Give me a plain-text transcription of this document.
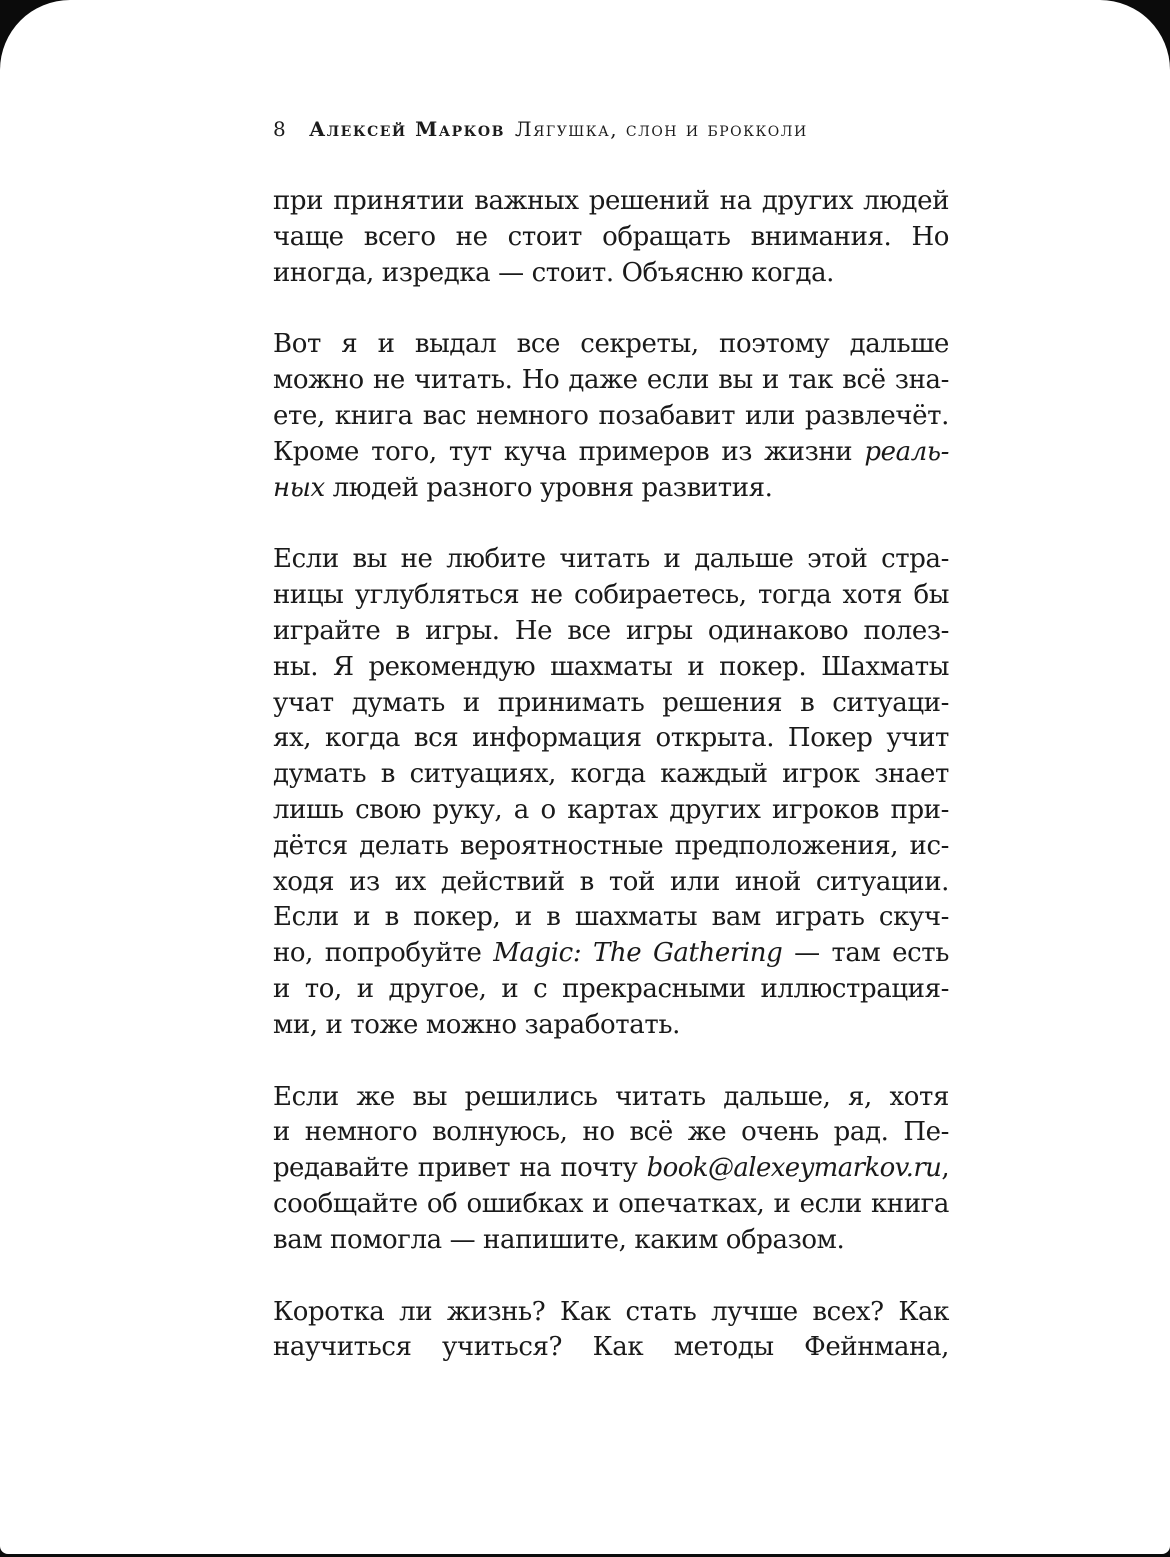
8 Алексей Марков Лягушка, слон и брокколи
при принятии важных решений на других людей
чаще всего не стоит обращать внимания. Но
иногда, изредка — стоит. Объясню когда.
Вот я и выдал все секреты, поэтому дальше
можно не читать. Но даже если вы и так всё зна-
ете, книга вас немного позабавит или развлечёт.
Кроме того, тут куча примеров из жизни реаль-
ных людей разного уровня развития.
Если вы не любите читать и дальше этой стра-
ницы углубляться не собираетесь, тогда хотя бы
играйте в игры. Не все игры одинаково полез-
ны. Я рекомендую шахматы и покер. Шахматы
учат думать и принимать решения в ситуаци-
ях, когда вся информация открыта. Покер учит
думать в ситуациях, когда каждый игрок знает
лишь свою руку, а о картах других игроков при-
дётся делать вероятностные предположения, ис-
ходя из их действий в той или иной ситуации.
Если и в покер, и в шахматы вам играть скуч-
но, попробуйте Magic: The Gathering — там есть
и то, и другое, и с прекрасными иллюстрация-
ми, и тоже можно заработать.
Если же вы решились читать дальше, я, хотя
и немного волнуюсь, но всё же очень рад. Пе-
редавайте привет на почту book@alexeymarkov.ru,
сообщайте об ошибках и опечатках, и если книга
вам помогла — напишите, каким образом.
Коротка ли жизнь? Как стать лучше всех? Как
научиться учиться? Как методы Фейнмана,
